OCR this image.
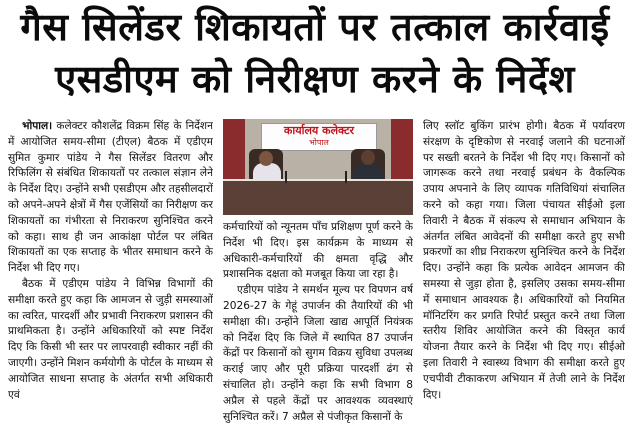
गैस सिलेंडर शिकायतों पर तत्काल कार्रवाई
एसडीएम को निरीक्षण करने के निर्देश

भोपाल। कलेक्टर कौशलेंद्र विक्रम सिंह के निर्देशन में आयोजित समय-सीमा (टीएल) बैठक में एडीएम सुमित कुमार पांडेय ने गैस सिलेंडर वितरण और रिफिलिंग से संबंधित शिकायतों पर तत्काल संज्ञान लेने के निर्देश दिए। उन्होंने सभी एसडीएम और तहसीलदारों को अपने-अपने क्षेत्रों में गैस एजेंसियों का निरीक्षण कर शिकायतों का गंभीरता से निराकरण सुनिश्चित करने को कहा। साथ ही जन आकांक्षा पोर्टल पर लंबित शिकायतों का एक सप्ताह के भीतर समाधान करने के निर्देश भी दिए गए।

बैठक में एडीएम पांडेय ने विभिन्न विभागों की समीक्षा करते हुए कहा कि आमजन से जुड़ी समस्याओं का त्वरित, पारदर्शी और प्रभावी निराकरण प्रशासन की प्राथमिकता है। उन्होंने अधिकारियों को स्पष्ट निर्देश दिए कि किसी भी स्तर पर लापरवाही स्वीकार नहीं की जाएगी। उन्होंने मिशन कर्मयोगी के पोर्टल के माध्यम से आयोजित साधना सप्ताह के अंतर्गत सभी अधिकारी एवं

कार्यालय कलेक्टर
भोपाल

कर्मचारियों को न्यूनतम पाँच प्रशिक्षण पूर्ण करने के निर्देश भी दिए। इस कार्यक्रम के माध्यम से अधिकारी-कर्मचारियों की क्षमता वृद्धि और प्रशासनिक दक्षता को मजबूत किया जा रहा है।

एडीएम पांडेय ने समर्थन मूल्य पर विपणन वर्ष 2026-27 के गेहूं उपार्जन की तैयारियों की भी समीक्षा की। उन्होंने जिला खाद्य आपूर्ति नियंत्रक को निर्देश दिए कि जिले में स्थापित 87 उपार्जन केंद्रों पर किसानों को सुगम विक्रय सुविधा उपलब्ध कराई जाए और पूरी प्रक्रिया पारदर्शी ढंग से संचालित हो। उन्होंने कहा कि सभी विभाग 8 अप्रैल से पहले केंद्रों पर आवश्यक व्यवस्थाएं सुनिश्चित करें। 7 अप्रैल से पंजीकृत किसानों के

लिए स्लॉट बुकिंग प्रारंभ होगी। बैठक में पर्यावरण संरक्षण के दृष्टिकोण से नरवाई जलाने की घटनाओं पर सख्ती बरतने के निर्देश भी दिए गए। किसानों को जागरूक करने तथा नरवाई प्रबंधन के वैकल्पिक उपाय अपनाने के लिए व्यापक गतिविधियां संचालित करने को कहा गया। जिला पंचायत सीईओ इला तिवारी ने बैठक में संकल्प से समाधान अभियान के अंतर्गत लंबित आवेदनों की समीक्षा करते हुए सभी प्रकरणों का शीघ्र निराकरण सुनिश्चित करने के निर्देश दिए। उन्होंने कहा कि प्रत्येक आवेदन आमजन की समस्या से जुड़ा होता है, इसलिए उसका समय-सीमा में समाधान आवश्यक है। अधिकारियों को नियमित मॉनिटरिंग कर प्रगति रिपोर्ट प्रस्तुत करने तथा जिला स्तरीय शिविर आयोजित करने की विस्तृत कार्य योजना तैयार करने के निर्देश भी दिए गए। सीईओ इला तिवारी ने स्वास्थ्य विभाग की समीक्षा करते हुए एचपीवी टीकाकरण अभियान में तेजी लाने के निर्देश दिए।
